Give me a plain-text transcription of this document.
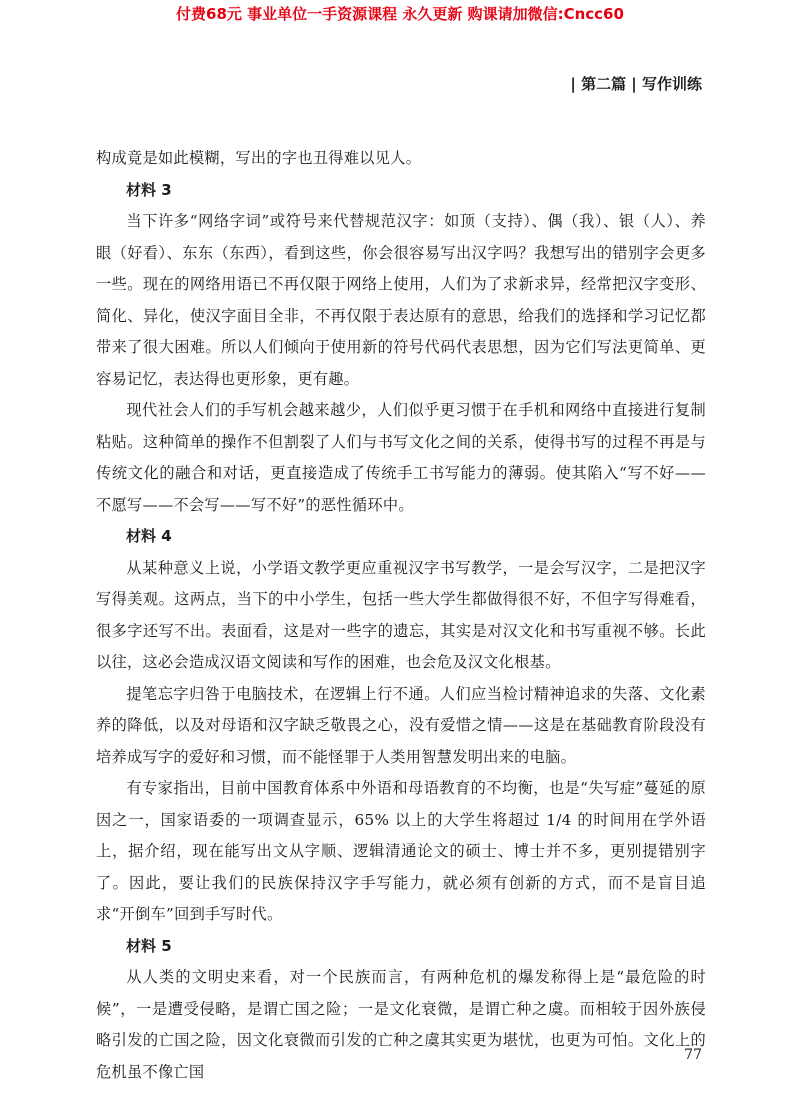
付费68元 事业单位一手资源课程 永久更新 购课请加微信:Cncc60
| 第二篇 | 写作训练

构成竟是如此模糊，写出的字也丑得难以见人。

材料 3

当下许多“网络字词”或符号来代替规范汉字：如顶（支持）、偶（我）、银（人）、养眼（好看）、东东（东西），看到这些，你会很容易写出汉字吗？我想写出的错别字会更多一些。现在的网络用语已不再仅限于网络上使用，人们为了求新求异，经常把汉字变形、简化、异化，使汉字面目全非，不再仅限于表达原有的意思，给我们的选择和学习记忆都带来了很大困难。所以人们倾向于使用新的符号代码代表思想，因为它们写法更简单、更容易记忆，表达得也更形象，更有趣。

现代社会人们的手写机会越来越少，人们似乎更习惯于在手机和网络中直接进行复制粘贴。这种简单的操作不但割裂了人们与书写文化之间的关系，使得书写的过程不再是与传统文化的融合和对话，更直接造成了传统手工书写能力的薄弱。使其陷入“写不好——不愿写——不会写——写不好”的恶性循环中。

材料 4

从某种意义上说，小学语文教学更应重视汉字书写教学，一是会写汉字，二是把汉字写得美观。这两点，当下的中小学生，包括一些大学生都做得很不好，不但字写得难看，很多字还写不出。表面看，这是对一些字的遗忘，其实是对汉文化和书写重视不够。长此以往，这必会造成汉语文阅读和写作的困难，也会危及汉文化根基。

提笔忘字归咎于电脑技术，在逻辑上行不通。人们应当检讨精神追求的失落、文化素养的降低，以及对母语和汉字缺乏敬畏之心，没有爱惜之情——这是在基础教育阶段没有培养成写字的爱好和习惯，而不能怪罪于人类用智慧发明出来的电脑。

有专家指出，目前中国教育体系中外语和母语教育的不均衡，也是“失写症”蔓延的原因之一，国家语委的一项调查显示，65% 以上的大学生将超过 1/4 的时间用在学外语上，据介绍，现在能写出文从字顺、逻辑清通论文的硕士、博士并不多，更别提错别字了。因此，要让我们的民族保持汉字手写能力，就必须有创新的方式，而不是盲目追求“开倒车”回到手写时代。

材料 5

从人类的文明史来看，对一个民族而言，有两种危机的爆发称得上是“最危险的时候”，一是遭受侵略，是谓亡国之险；一是文化衰微，是谓亡种之虞。而相较于因外族侵略引发的亡国之险，因文化衰微而引发的亡种之虞其实更为堪忧，也更为可怕。文化上的危机虽不像亡国

77
